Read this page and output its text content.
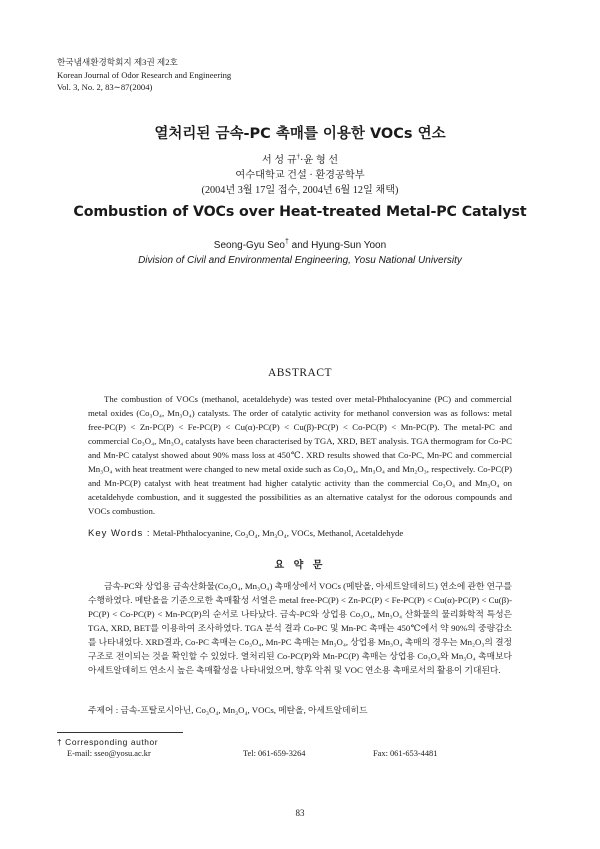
한국냄새환경학회지 제3권 제2호
Korean Journal of Odor Research and Engineering
Vol. 3, No. 2, 83∼87(2004)
열처리된 금속-PC 촉매를 이용한 VOCs 연소
서 성 규†·윤 형 선
여수대학교 건설 · 환경공학부
(2004년 3월 17일 접수, 2004년 6월 12일 채택)
Combustion of VOCs over Heat-treated Metal-PC Catalyst
Seong-Gyu Seo† and Hyung-Sun Yoon
Division of Civil and Environmental Engineering, Yosu National University
ABSTRACT
The combustion of VOCs (methanol, acetaldehyde) was tested over metal-Phthalocyanine (PC) and commercial metal oxides (Co₃O₄, Mn₃O₄) catalysts. The order of catalytic activity for methanol conversion was as follows: metal free-PC(P) < Zn-PC(P) < Fe-PC(P) < Cu(α)-PC(P) < Cu(β)-PC(P) < Co-PC(P) < Mn-PC(P). The metal-PC and commercial Co₃O₄, Mn₃O₄ catalysts have been characterised by TGA, XRD, BET analysis. TGA thermogram for Co-PC and Mn-PC catalyst showed about 90% mass loss at 450℃. XRD results showed that Co-PC, Mn-PC and commercial Mn₃O₄ with heat treatment were changed to new metal oxide such as Co₃O₄, Mn₃O₄ and Mn₂O₃, respectively. Co-PC(P) and Mn-PC(P) catalyst with heat treatment had higher catalytic activity than the commercial Co₃O₄ and Mn₃O₄ on acetaldehyde combustion, and it suggested the possibilities as an alternative catalyst for the odorous compounds and VOCs combustion.
Key Words : Metal-Phthalocyanine, Co₃O₄, Mn₃O₄, VOCs, Methanol, Acetaldehyde
요 약 문
금속-PC와 상업용 금속산화물(Co₃O₄, Mn₃O₄) 촉매상에서 VOCs (메탄올, 아세트알데히드) 연소에 관한 연구를 수행하였다. 메탄올을 기준으로한 촉매활성 서열은 metal free-PC(P) < Zn-PC(P) < Fe-PC(P) < Cu(α)-PC(P) < Cu(β)-PC(P) < Co-PC(P) < Mn-PC(P)의 순서로 나타났다. 금속-PC와 상업용 Co₃O₄, Mn₃O₄ 산화물의 물리화학적 특성은 TGA, XRD, BET를 이용하여 조사하였다. TGA 분석 결과 Co-PC 및 Mn-PC 촉매는 450℃에서 약 90%의 중량감소를 나타내었다. XRD결과, Co-PC 촉매는 Co₃O₄, Mn-PC 촉매는 Mn₃O₄, 상업용 Mn₃O₄ 촉매의 경우는 Mn₂O₃의 결정구조로 전이되는 것을 확인할 수 있었다. 열처리된 Co-PC(P)와 Mn-PC(P) 촉매는 상업용 Co₃O₄와 Mn₃O₄ 촉매보다 아세트알데히드 연소시 높은 촉매활성을 나타내었으며, 향후 악취 및 VOC 연소용 촉매로서의 활용이 기대된다.
주제어 : 금속-프탈로시아닌, Co₃O₄, Mn₃O₄, VOCs, 메탄올, 아세트알데히드
† Corresponding author
E-mail: sseo@yosu.ac.kr	Tel: 061-659-3264	Fax: 061-653-4481
83
